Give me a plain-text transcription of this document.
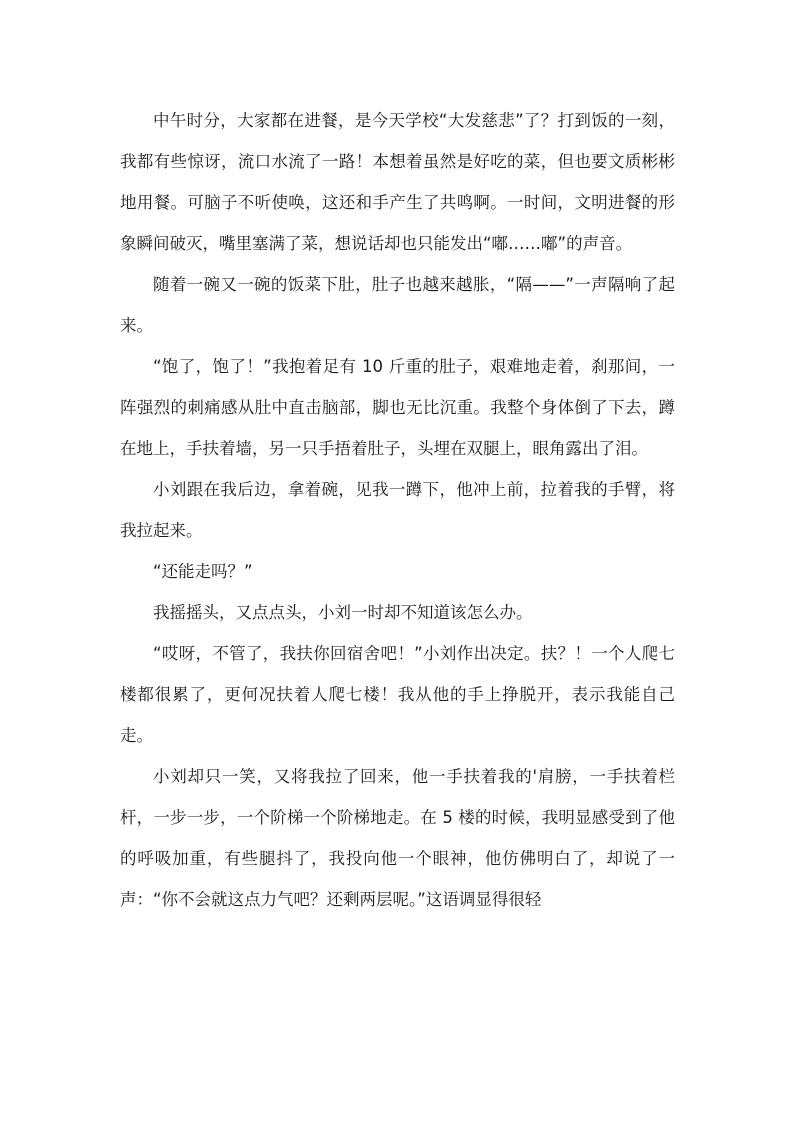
中午时分，大家都在进餐，是今天学校“大发慈悲”了？打到饭的一刻，我都有些惊讶，流口水流了一路！本想着虽然是好吃的菜，但也要文质彬彬地用餐。可脑子不听使唤，这还和手产生了共鸣啊。一时间，文明进餐的形象瞬间破灭，嘴里塞满了菜，想说话却也只能发出“嘟……嘟”的声音。

随着一碗又一碗的饭菜下肚，肚子也越来越胀，“隔——”一声隔响了起来。

“饱了，饱了！”我抱着足有 10 斤重的肚子，艰难地走着，刹那间，一阵强烈的刺痛感从肚中直击脑部，脚也无比沉重。我整个身体倒了下去，蹲在地上，手扶着墙，另一只手捂着肚子，头埋在双腿上，眼角露出了泪。

小刘跟在我后边，拿着碗，见我一蹲下，他冲上前，拉着我的手臂，将我拉起来。

“还能走吗？”

我摇摇头，又点点头，小刘一时却不知道该怎么办。

“哎呀，不管了，我扶你回宿舍吧！”小刘作出决定。扶？！一个人爬七楼都很累了，更何况扶着人爬七楼！我从他的手上挣脱开，表示我能自己走。

小刘却只一笑，又将我拉了回来，他一手扶着我的'肩膀，一手扶着栏杆，一步一步，一个阶梯一个阶梯地走。在 5 楼的时候，我明显感受到了他的呼吸加重，有些腿抖了，我投向他一个眼神，他仿佛明白了，却说了一声：“你不会就这点力气吧？还剩两层呢。”这语调显得很轻
